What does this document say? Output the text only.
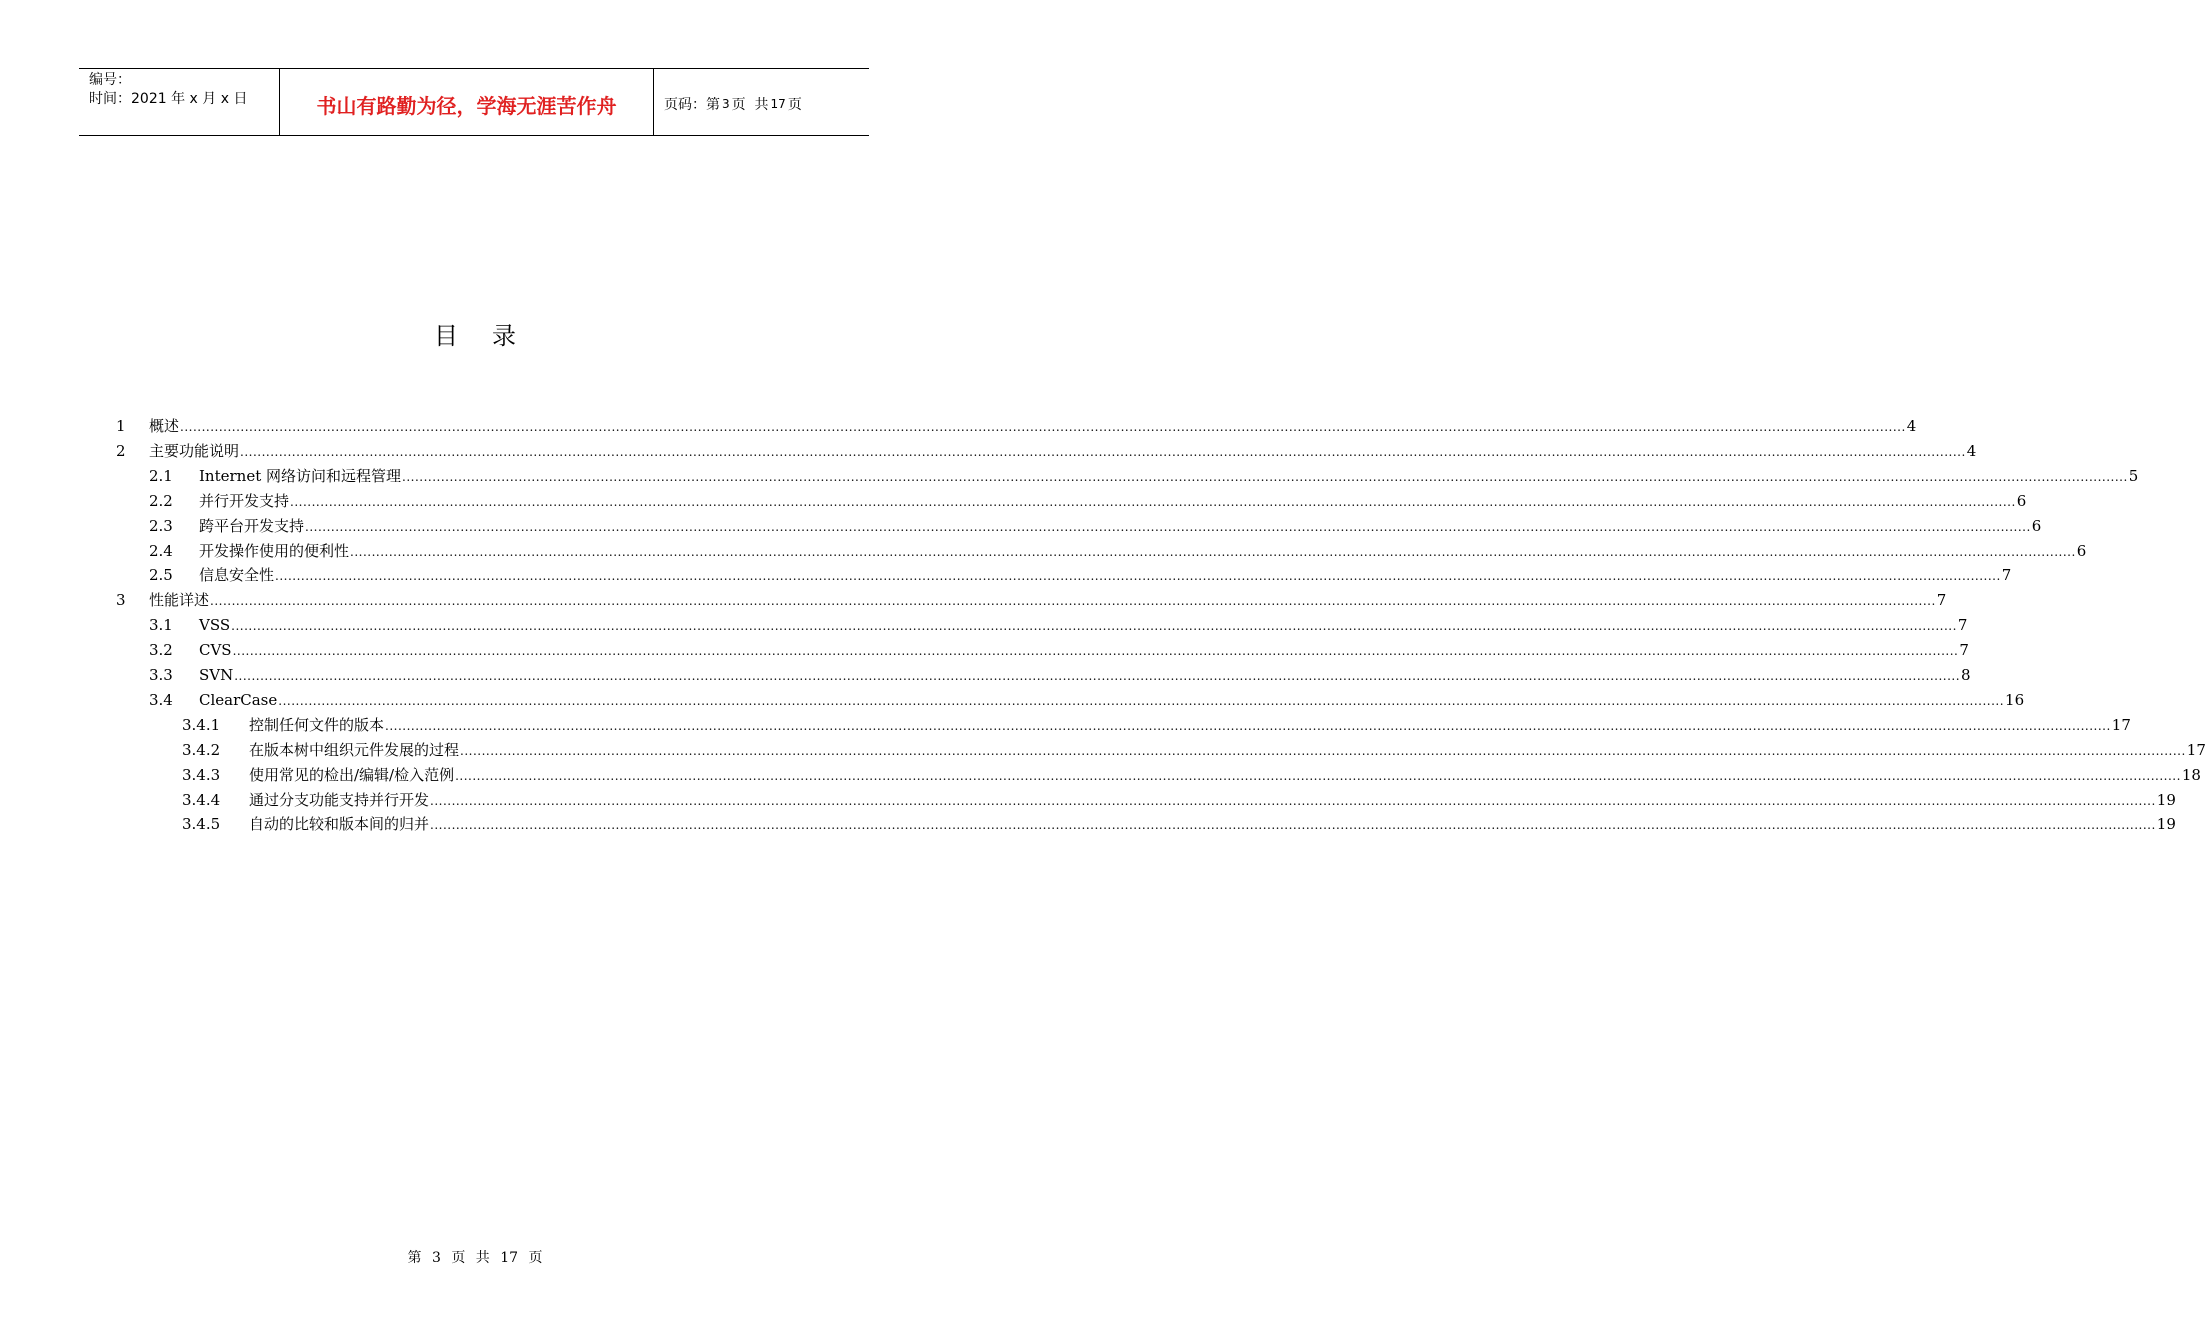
编号：
时间：2021 年 x 月 x 日	书山有路勤为径，学海无涯苦作舟	页码：第 3 页  共 17 页
目 录
1 概述 ................................................................................................................................................................................................................................................................................................................................................................................................................ 4
2 主要功能说明 ................................................................................................................................................................................................................................................................................................................................................................................................................ 4
2.1 Internet 网络访问和远程管理 ................................................................................................................................................................................................................................................................................................................................................................................................................ 5
2.2 并行开发支持 ................................................................................................................................................................................................................................................................................................................................................................................................................ 6
2.3 跨平台开发支持 ................................................................................................................................................................................................................................................................................................................................................................................................................ 6
2.4 开发操作使用的便利性 ................................................................................................................................................................................................................................................................................................................................................................................................................ 6
2.5 信息安全性 ................................................................................................................................................................................................................................................................................................................................................................................................................ 7
3 性能详述 ................................................................................................................................................................................................................................................................................................................................................................................................................ 7
3.1 VSS ................................................................................................................................................................................................................................................................................................................................................................................................................ 7
3.2 CVS ................................................................................................................................................................................................................................................................................................................................................................................................................ 7
3.3 SVN ................................................................................................................................................................................................................................................................................................................................................................................................................ 8
3.4 ClearCase ................................................................................................................................................................................................................................................................................................................................................................................................................ 16
3.4.1 控制任何文件的版本 ................................................................................................................................................................................................................................................................................................................................................................................................................ 17
3.4.2 在版本树中组织元件发展的过程 ................................................................................................................................................................................................................................................................................................................................................................................................................ 17
3.4.3 使用常见的检出/编辑/检入范例 ................................................................................................................................................................................................................................................................................................................................................................................................................ 18
3.4.4 通过分支功能支持并行开发 ................................................................................................................................................................................................................................................................................................................................................................................................................ 19
3.4.5 自动的比较和版本间的归并 ................................................................................................................................................................................................................................................................................................................................................................................................................ 19
第 3 页 共 17 页
